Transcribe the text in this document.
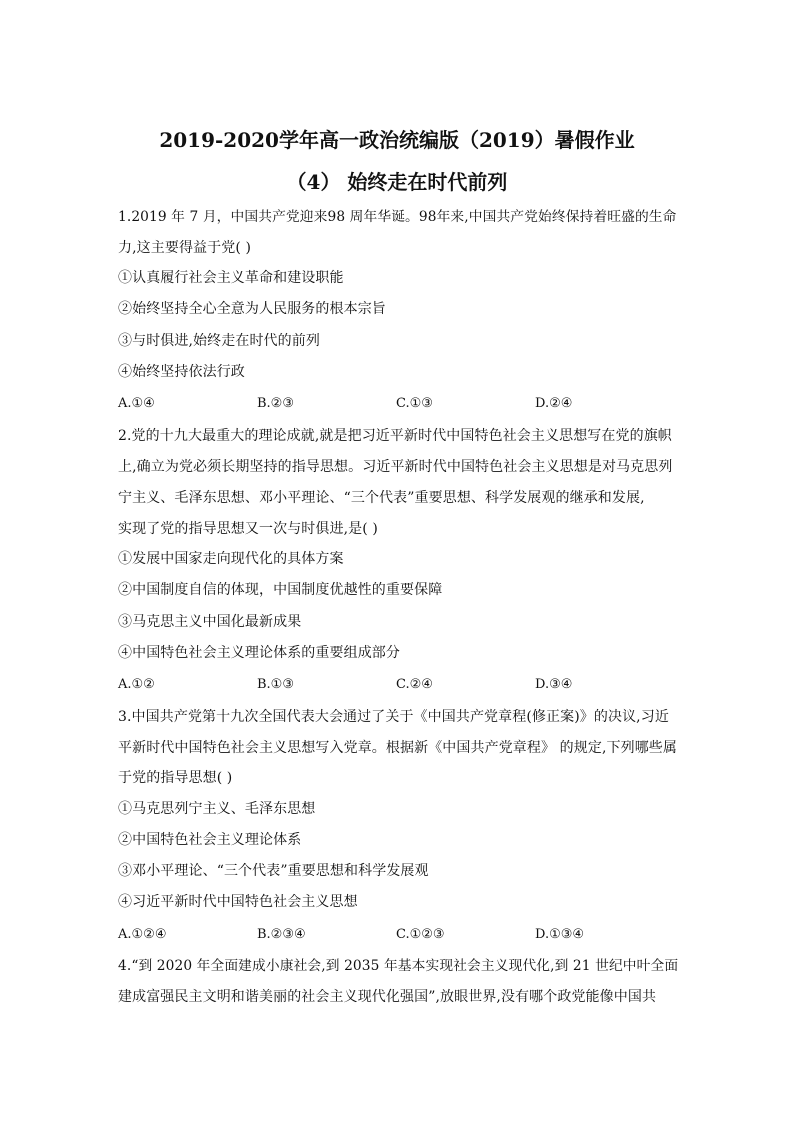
2019-2020学年高一政治统编版（2019）暑假作业
（4） 始终走在时代前列
1.2019 年 7 月，中国共产党迎来98 周年华诞。98年来,中国共产党始终保持着旺盛的生命
力,这主要得益于党( )
①认真履行社会主义革命和建设职能
②始终坚持全心全意为人民服务的根本宗旨
③与时俱进,始终走在时代的前列
④始终坚持依法行政
A.①④	B.②③	C.①③	D.②④
2.党的十九大最重大的理论成就,就是把习近平新时代中国特色社会主义思想写在党的旗帜
上,确立为党必须长期坚持的指导思想。习近平新时代中国特色社会主义思想是对马克思列
宁主义、毛泽东思想、邓小平理论、“三个代表”重要思想、科学发展观的继承和发展,
实现了党的指导思想又一次与时俱进,是( )
①发展中国家走向现代化的具体方案
②中国制度自信的体现，中国制度优越性的重要保障
③马克思主义中国化最新成果
④中国特色社会主义理论体系的重要组成部分
A.①②	B.①③	C.②④	D.③④
3.中国共产党第十九次全国代表大会通过了关于《中国共产党章程(修正案)》的决议,习近
平新时代中国特色社会主义思想写入党章。根据新《中国共产党章程》 的规定,下列哪些属
于党的指导思想( )
①马克思列宁主义、毛泽东思想
②中国特色社会主义理论体系
③邓小平理论、“三个代表”重要思想和科学发展观
④习近平新时代中国特色社会主义思想
A.①②④	B.②③④	C.①②③	D.①③④
4.“到 2020 年全面建成小康社会,到 2035 年基本实现社会主义现代化,到 21 世纪中叶全面
建成富强民主文明和谐美丽的社会主义现代化强国”,放眼世界,没有哪个政党能像中国共
